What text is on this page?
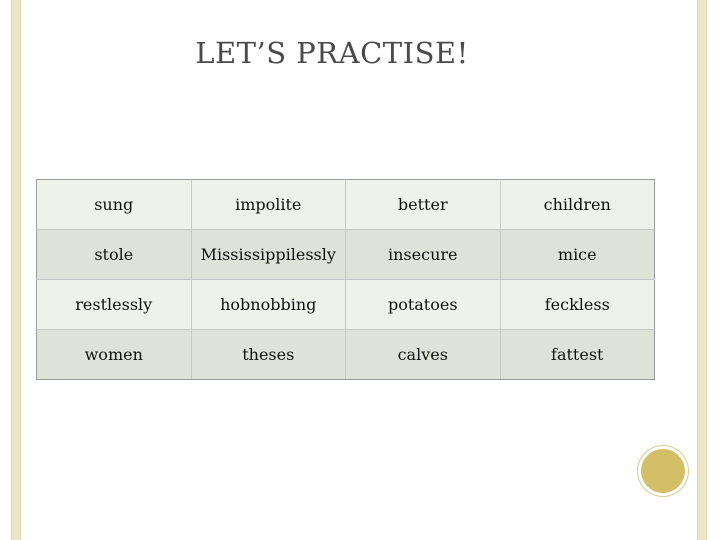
LET’S PRACTISE!
sung	impolite	better	children
stole	Mississippilessly	insecure	mice
restlessly	hobnobbing	potatoes	feckless
women	theses	calves	fattest
